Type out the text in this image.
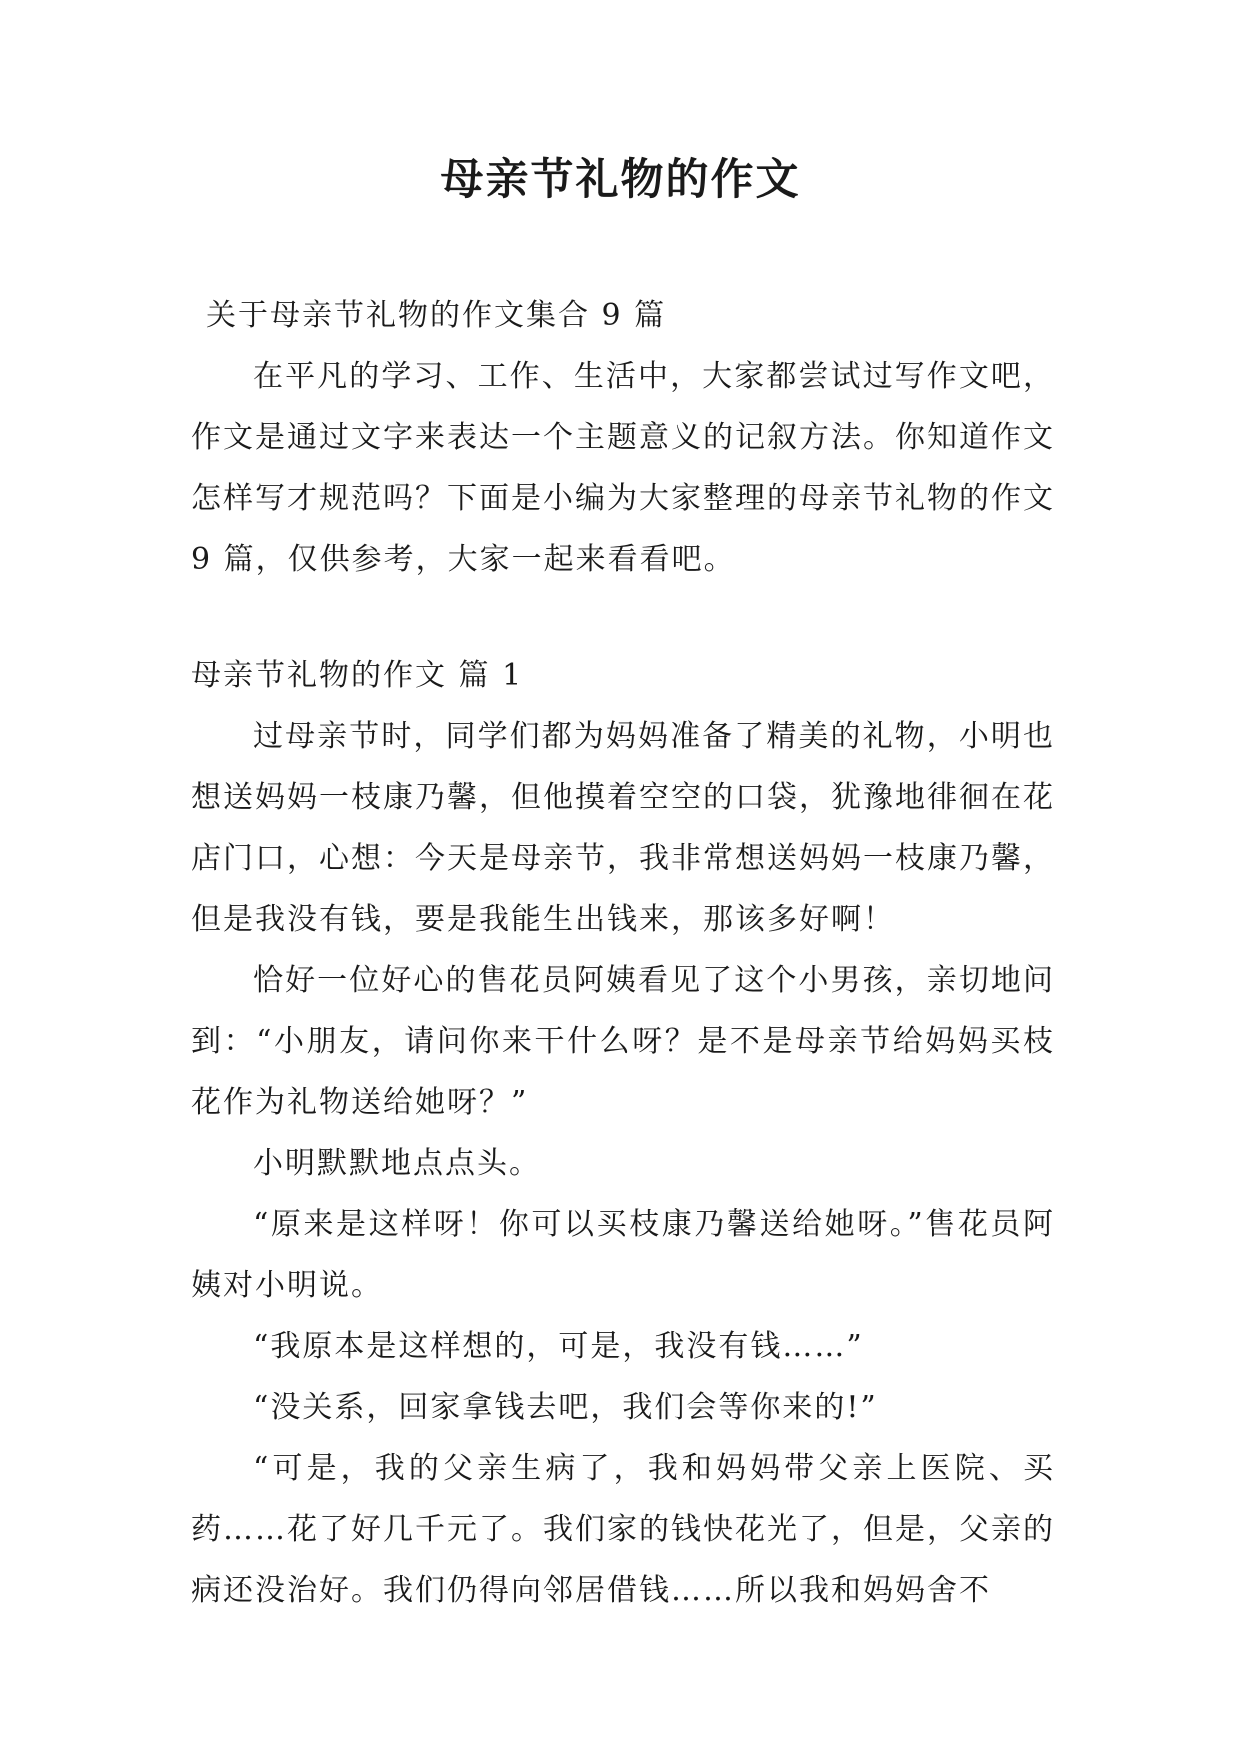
母亲节礼物的作文

关于母亲节礼物的作文集合 9 篇

在平凡的学习、工作、生活中，大家都尝试过写作文吧，作文是通过文字来表达一个主题意义的记叙方法。你知道作文怎样写才规范吗？下面是小编为大家整理的母亲节礼物的作文 9 篇，仅供参考，大家一起来看看吧。

母亲节礼物的作文 篇 1

过母亲节时，同学们都为妈妈准备了精美的礼物，小明也想送妈妈一枝康乃馨，但他摸着空空的口袋，犹豫地徘徊在花店门口，心想：今天是母亲节，我非常想送妈妈一枝康乃馨，但是我没有钱，要是我能生出钱来，那该多好啊！

恰好一位好心的售花员阿姨看见了这个小男孩，亲切地问到：“小朋友，请问你来干什么呀？是不是母亲节给妈妈买枝花作为礼物送给她呀？”

小明默默地点点头。

“原来是这样呀！你可以买枝康乃馨送给她呀。”售花员阿姨对小明说。

“我原本是这样想的，可是，我没有钱……”

“没关系，回家拿钱去吧，我们会等你来的!”

“可是，我的父亲生病了，我和妈妈带父亲上医院、买药……花了好几千元了。我们家的钱快花光了，但是，父亲的病还没治好。我们仍得向邻居借钱……所以我和妈妈舍不
